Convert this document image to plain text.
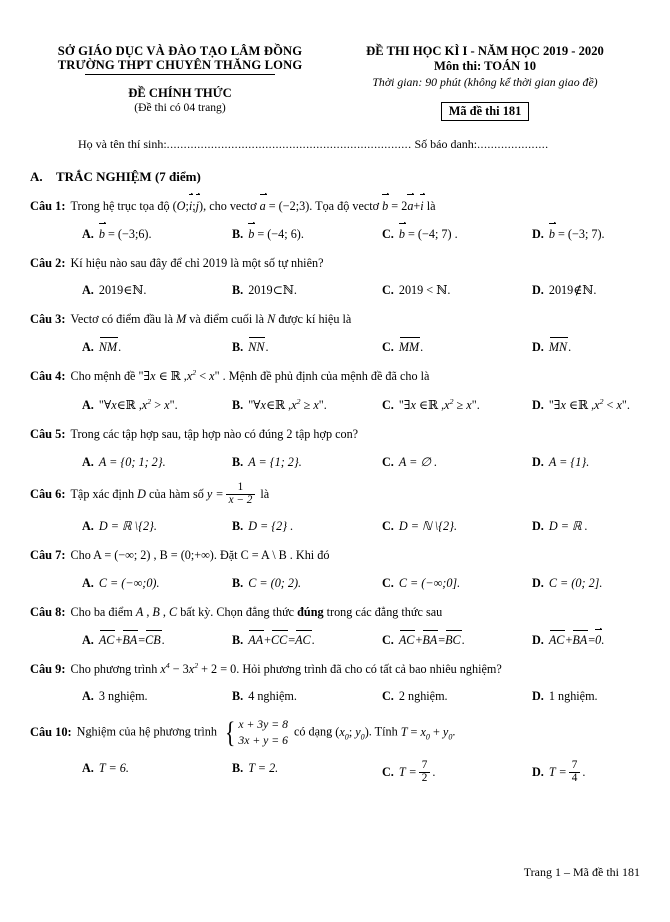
SỞ GIÁO DỤC VÀ ĐÀO TẠO LÂM ĐỒNG
TRƯỜNG THPT CHUYÊN THĂNG LONG
ĐỀ CHÍNH THỨC
(Đề thi có 04 trang)
ĐỀ THI HỌC KÌ I - NĂM HỌC 2019 - 2020
Môn thi: TOÁN 10
Thời gian: 90 phút (không kể thời gian giao đề)
Mã đề thi 181
Họ và tên thí sinh:........................................................................ Số báo danh:.....................
A. TRẮC NGHIỆM (7 điểm)
Câu 1: Trong hệ trục tọa độ (O;i;j), cho vectơ a = (−2;3). Tọa độ vectơ b = 2a+i là
A. b = (−3;6).	B. b = (−4; 6).	C. b = (−4; 7) .	D. b = (−3; 7).
Câu 2: Kí hiệu nào sau đây để chỉ 2019 là một số tự nhiên?
A. 2019∈ℕ.	B. 2019⊂ℕ.	C. 2019 < ℕ.	D. 2019∉ℕ.
Câu 3: Vectơ có điểm đầu là M và điểm cuối là N được kí hiệu là
A. NM.	B. NN.	C. MM.	D. MN.
Câu 4: Cho mệnh đề "∃x ∈ ℝ $,x^2 < x$" . Mệnh đề phủ định của mệnh đề đã cho là
A. "∀x∈ℝ $,x^2 > x$".	B. "∀x∈ℝ $,x^2 \ge x$".	C. "∃x ∈ℝ $,x^2 \ge x$".	D. "∃x ∈ℝ $,x^2 < x$".
Câu 5: Trong các tập hợp sau, tập hợp nào có đúng 2 tập hợp con?
A. A = {0; 1; 2}.	B. A = {1; 2}.	C. A = ∅ .	D. A = {1}.
Câu 6: Tập xác định D của hàm số $y = \frac{1}{x - 2}$ là
A. D = ℝ \{2}.	B. D = {2} .	C. D = ℕ \{2}.	D. D = ℝ .
Câu 7: Cho A = (−∞; 2) , B = (0;+∞). Đặt C = A \ B . Khi đó
A. C = (−∞;0).	B. C = (0; 2).	C. C = (−∞;0].	D. C = (0; 2].
Câu 8: Cho ba điểm A , B , C bất kỳ. Chọn đẳng thức đúng trong các đẳng thức sau
A. AC+BA=CB.	B. AA+CC=AC.	C. AC+BA=BC.	D. AC+BA=0.
Câu 9: Cho phương trình $x^4 - 3x^2 + 2 = 0$. Hỏi phương trình đã cho có tất cả bao nhiêu nghiệm?
A. 3 nghiệm.	B. 4 nghiệm.	C. 2 nghiệm.	D. 1 nghiệm.
Câu 10: Nghiệm của hệ phương trình { x + 3y = 8
3x + y = 6
có dạng ($x_0$; $y_0$). Tính $T = x_0 + y_0$.
A. T = 6.	B. T = 2.	C. $T = \frac{7}{2}$ .	D. $T = \frac{7}{4}$ .
Trang 1 – Mã đề thi 181
